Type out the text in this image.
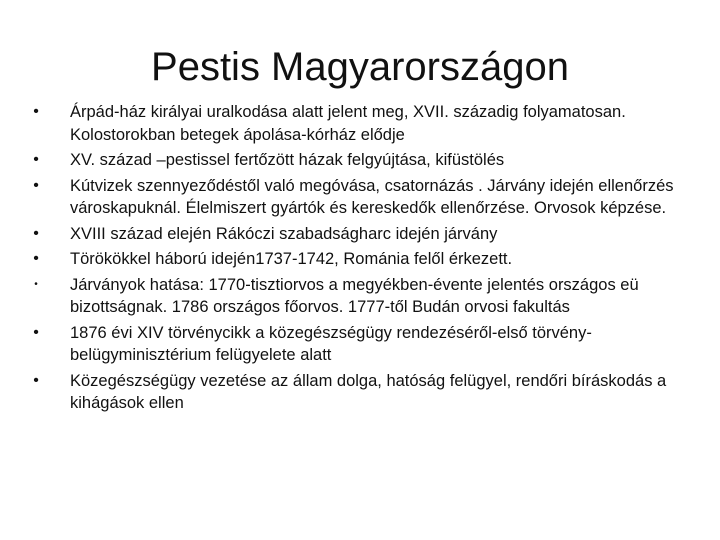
Pestis Magyarországon
• Árpád-ház királyai uralkodása alatt jelent meg, XVII. századig folyamatosan. Kolostorokban betegek ápolása-kórház elődje
• XV. század –pestissel fertőzött házak felgyújtása, kifüstölés
• Kútvizek szennyeződéstől való megóvása, csatornázás . Járvány idején ellenőrzés városkapuknál. Élelmiszert gyártók és kereskedők ellenőrzése. Orvosok képzése.
• XVIII század elején Rákóczi szabadságharc idején járvány
• Törökökkel háború idején1737-1742, Románia felől érkezett.
•	Járványok hatása: 1770-tisztiorvos a megyékben-évente jelentés országos eü bizottságnak. 1786 országos főorvos. 1777-től Budán orvosi fakultás
• 1876 évi XIV törvénycikk a közegészségügy rendezéséről-első törvény- belügyminisztérium felügyelete alatt
• Közegészségügy vezetése az állam dolga, hatóság felügyel, rendőri bíráskodás a kihágások ellen
